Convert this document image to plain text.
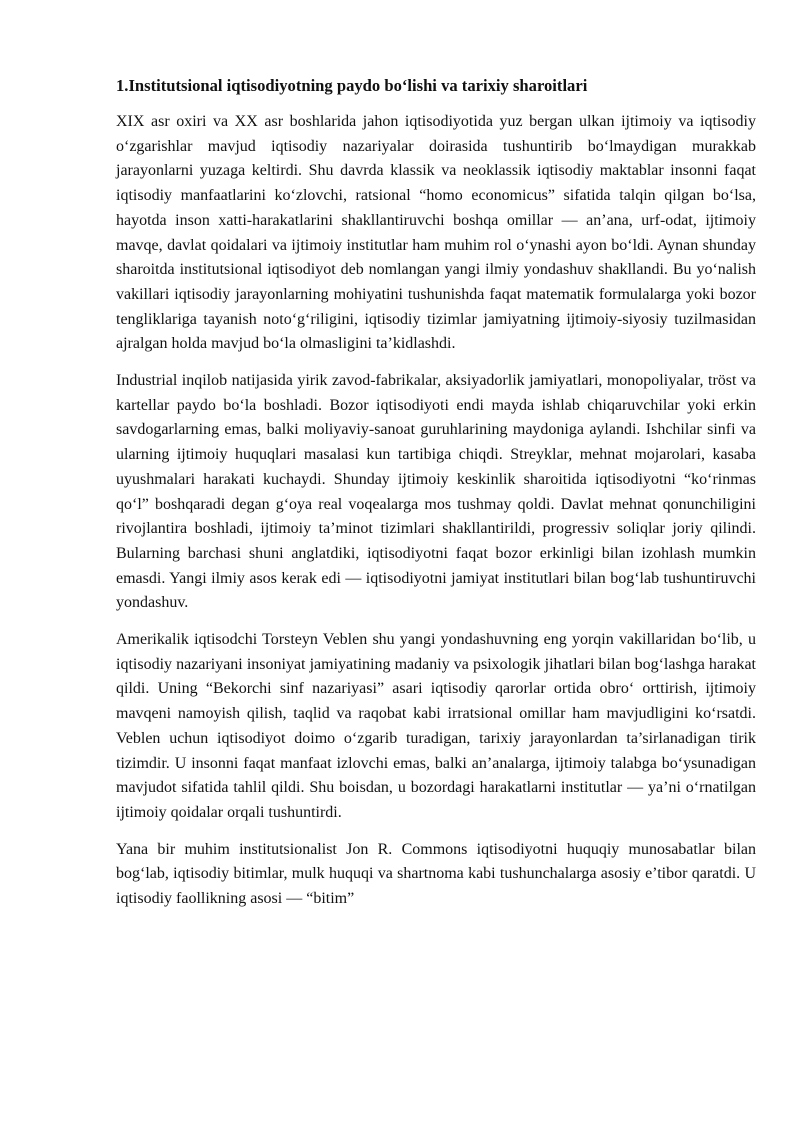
1.Institutsional iqtisodiyotning paydo bo‘lishi va tarixiy sharoitlari

XIX asr oxiri va XX asr boshlarida jahon iqtisodiyotida yuz bergan ulkan ijtimoiy va iqtisodiy o‘zgarishlar mavjud iqtisodiy nazariyalar doirasida tushuntirib bo‘lmaydigan murakkab jarayonlarni yuzaga keltirdi. Shu davrda klassik va neoklassik iqtisodiy maktablar insonni faqat iqtisodiy manfaatlarini ko‘zlovchi, ratsional “homo economicus” sifatida talqin qilgan bo‘lsa, hayotda inson xatti-harakatlarini shakllantiruvchi boshqa omillar — an’ana, urf-odat, ijtimoiy mavqe, davlat qoidalari va ijtimoiy institutlar ham muhim rol o‘ynashi ayon bo‘ldi. Aynan shunday sharoitda institutsional iqtisodiyot deb nomlangan yangi ilmiy yondashuv shakllandi. Bu yo‘nalish vakillari iqtisodiy jarayonlarning mohiyatini tushunishda faqat matematik formulalarga yoki bozor tengliklariga tayanish noto‘g‘riligini, iqtisodiy tizimlar jamiyatning ijtimoiy-siyosiy tuzilmasidan ajralgan holda mavjud bo‘la olmasligini ta’kidlashdi.

Industrial inqilob natijasida yirik zavod-fabrikalar, aksiyadorlik jamiyatlari, monopoliyalar, tröst va kartellar paydo bo‘la boshladi. Bozor iqtisodiyoti endi mayda ishlab chiqaruvchilar yoki erkin savdogarlarning emas, balki moliyaviy-sanoat guruhlarining maydoniga aylandi. Ishchilar sinfi va ularning ijtimoiy huquqlari masalasi kun tartibiga chiqdi. Streyklar, mehnat mojarolari, kasaba uyushmalari harakati kuchaydi. Shunday ijtimoiy keskinlik sharoitida iqtisodiyotni “ko‘rinmas qo‘l” boshqaradi degan g‘oya real voqealarga mos tushmay qoldi. Davlat mehnat qonunchiligini rivojlantira boshladi, ijtimoiy ta’minot tizimlari shakllantirildi, progressiv soliqlar joriy qilindi. Bularning barchasi shuni anglatdiki, iqtisodiyotni faqat bozor erkinligi bilan izohlash mumkin emasdi. Yangi ilmiy asos kerak edi — iqtisodiyotni jamiyat institutlari bilan bog‘lab tushuntiruvchi yondashuv.

Amerikalik iqtisodchi Torsteyn Veblen shu yangi yondashuvning eng yorqin vakillaridan bo‘lib, u iqtisodiy nazariyani insoniyat jamiyatining madaniy va psixologik jihatlari bilan bog‘lashga harakat qildi. Uning “Bekorchi sinf nazariyasi” asari iqtisodiy qarorlar ortida obro‘ orttirish, ijtimoiy mavqeni namoyish qilish, taqlid va raqobat kabi irratsional omillar ham mavjudligini ko‘rsatdi. Veblen uchun iqtisodiyot doimo o‘zgarib turadigan, tarixiy jarayonlardan ta’sirlanadigan tirik tizimdir. U insonni faqat manfaat izlovchi emas, balki an’analarga, ijtimoiy talabga bo‘ysunadigan mavjudot sifatida tahlil qildi. Shu boisdan, u bozordagi harakatlarni institutlar — ya’ni o‘rnatilgan ijtimoiy qoidalar orqali tushuntirdi.

Yana bir muhim institutsionalist Jon R. Commons iqtisodiyotni huquqiy munosabatlar bilan bog‘lab, iqtisodiy bitimlar, mulk huquqi va shartnoma kabi tushunchalarga asosiy e’tibor qaratdi. U iqtisodiy faollikning asosi — “bitim”
